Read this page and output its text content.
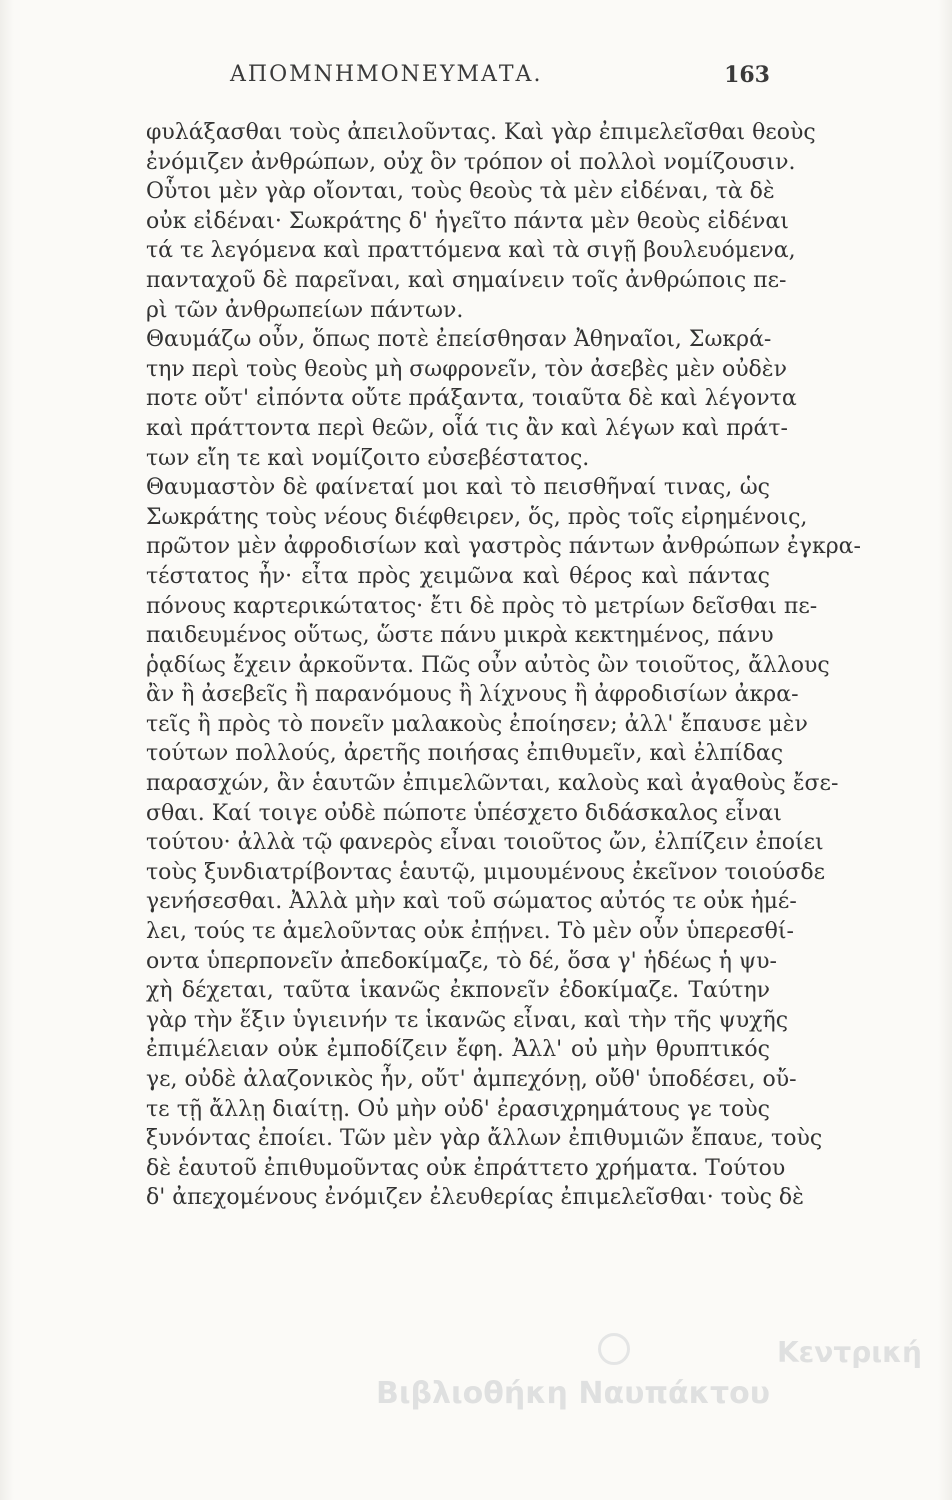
ΑΠΟΜΝΗΜΟΝΕΥΜΑΤΑ.	163
φυλάξασθαι τοὺς ἀπειλοῦντας. Καὶ γὰρ ἐπιμελεῖσθαι θεοὺς
ἐνόμιζεν ἀνθρώπων, οὐχ ὃν τρόπον οἱ πολλοὶ νομίζουσιν.
Οὗτοι μὲν γὰρ οἴονται, τοὺς θεοὺς τὰ μὲν εἰδέναι, τὰ δὲ
οὐκ εἰδέναι· Σωκράτης δ' ἡγεῖτο πάντα μὲν θεοὺς εἰδέναι
τά τε λεγόμενα καὶ πραττόμενα καὶ τὰ σιγῇ βουλευόμενα,
πανταχοῦ δὲ παρεῖναι, καὶ σημαίνειν τοῖς ἀνθρώποις πε-
ρὶ τῶν ἀνθρωπείων πάντων.
Θαυμάζω οὖν, ὅπως ποτὲ ἐπείσθησαν Ἀθηναῖοι, Σωκρά-
την περὶ τοὺς θεοὺς μὴ σωφρονεῖν, τὸν ἀσεβὲς μὲν οὐδὲν
ποτε οὔτ' εἰπόντα οὔτε πράξαντα, τοιαῦτα δὲ καὶ λέγοντα
καὶ πράττοντα περὶ θεῶν, οἷά τις ἂν καὶ λέγων καὶ πράτ-
των εἴη τε καὶ νομίζοιτο εὐσεβέστατος.
Θαυμαστὸν δὲ φαίνεταί μοι καὶ τὸ πεισθῆναί τινας, ὡς
Σωκράτης τοὺς νέους διέφθειρεν, ὅς, πρὸς τοῖς εἰρημένοις,
πρῶτον μὲν ἀφροδισίων καὶ γαστρὸς πάντων ἀνθρώπων ἐγκρα-
τέστατος ἦν· εἶτα πρὸς χειμῶνα καὶ θέρος καὶ πάντας
πόνους καρτερικώτατος· ἔτι δὲ πρὸς τὸ μετρίων δεῖσθαι πε-
παιδευμένος οὕτως, ὥστε πάνυ μικρὰ κεκτημένος, πάνυ
ῥᾳδίως ἔχειν ἀρκοῦντα. Πῶς οὖν αὐτὸς ὢν τοιοῦτος, ἄλλους
ἂν ἢ ἀσεβεῖς ἢ παρανόμους ἢ λίχνους ἢ ἀφροδισίων ἀκρα-
τεῖς ἢ πρὸς τὸ πονεῖν μαλακοὺς ἐποίησεν; ἀλλ' ἔπαυσε μὲν
τούτων πολλούς, ἀρετῆς ποιήσας ἐπιθυμεῖν, καὶ ἐλπίδας
παρασχών, ἂν ἑαυτῶν ἐπιμελῶνται, καλοὺς καὶ ἀγαθοὺς ἔσε-
σθαι. Καί τοιγε οὐδὲ πώποτε ὑπέσχετο διδάσκαλος εἶναι
τούτου· ἀλλὰ τῷ φανερὸς εἶναι τοιοῦτος ὤν, ἐλπίζειν ἐποίει
τοὺς ξυνδιατρίβοντας ἑαυτῷ, μιμουμένους ἐκεῖνον τοιούσδε
γενήσεσθαι. Ἀλλὰ μὴν καὶ τοῦ σώματος αὐτός τε οὐκ ἠμέ-
λει, τούς τε ἀμελοῦντας οὐκ ἐπῄνει. Τὸ μὲν οὖν ὑπερεσθί-
οντα ὑπερπονεῖν ἀπεδοκίμαζε, τὸ δέ, ὅσα γ' ἡδέως ἡ ψυ-
χὴ δέχεται, ταῦτα ἱκανῶς ἐκπονεῖν ἐδοκίμαζε. Ταύτην
γὰρ τὴν ἕξιν ὑγιεινήν τε ἱκανῶς εἶναι, καὶ τὴν τῆς ψυχῆς
ἐπιμέλειαν οὐκ ἐμποδίζειν ἔφη. Ἀλλ' οὐ μὴν θρυπτικός
γε, οὐδὲ ἀλαζονικὸς ἦν, οὔτ' ἀμπεχόνῃ, οὔθ' ὑποδέσει, οὔ-
τε τῇ ἄλλῃ διαίτῃ. Οὐ μὴν οὐδ' ἐρασιχρημάτους γε τοὺς
ξυνόντας ἐποίει. Τῶν μὲν γὰρ ἄλλων ἐπιθυμιῶν ἔπαυε, τοὺς
δὲ ἑαυτοῦ ἐπιθυμοῦντας οὐκ ἐπράττετο χρήματα. Τούτου
δ' ἀπεχομένους ἐνόμιζεν ἐλευθερίας ἐπιμελεῖσθαι· τοὺς δὲ
Κεντρική
Βιβλιοθήκη Ναυπάκτου
